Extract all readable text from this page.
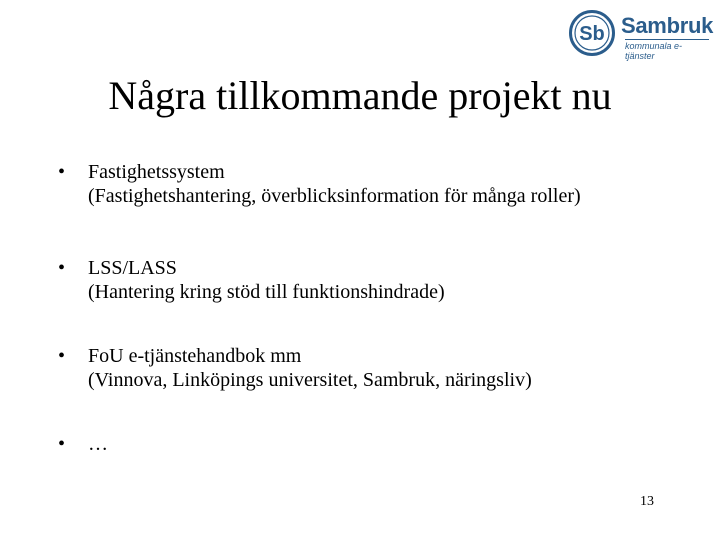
Sb Sambruk
kommunala e-tjänster
Några tillkommande projekt nu
• Fastighetssystem
(Fastighetshantering, överblicksinformation för många roller)
• LSS/LASS
(Hantering kring stöd till funktionshindrade)
• FoU e-tjänstehandbok mm
(Vinnova, Linköpings universitet, Sambruk, näringsliv)
• …
13
